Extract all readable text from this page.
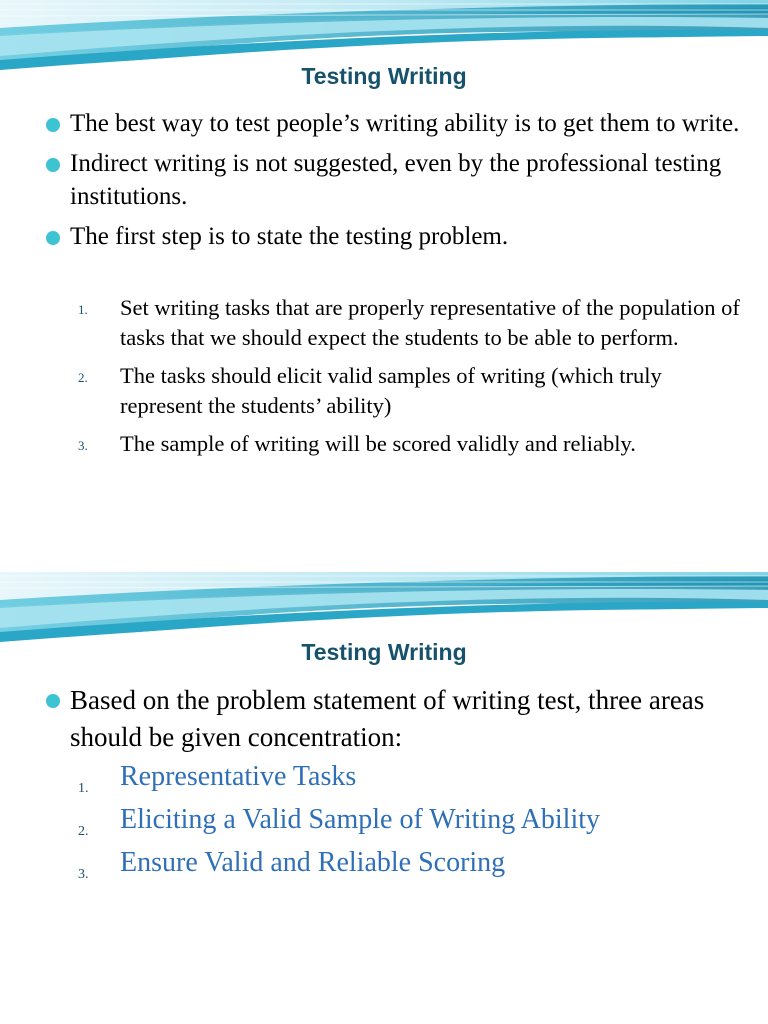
Testing Writing
The best way to test people’s writing ability is to get them to write.
Indirect writing is not suggested, even by the professional testing institutions.
The first step is to state the testing problem.
1. Set writing tasks that are properly representative of the population of tasks that we should expect the students to be able to perform.
2. The tasks should elicit valid samples of writing (which truly represent the students’ ability)
3. The sample of writing will be scored validly and reliably.
Testing Writing
Based on the problem statement of writing test, three areas should be given concentration:
1. Representative Tasks
2. Eliciting a Valid Sample of Writing Ability
3. Ensure Valid and Reliable Scoring
